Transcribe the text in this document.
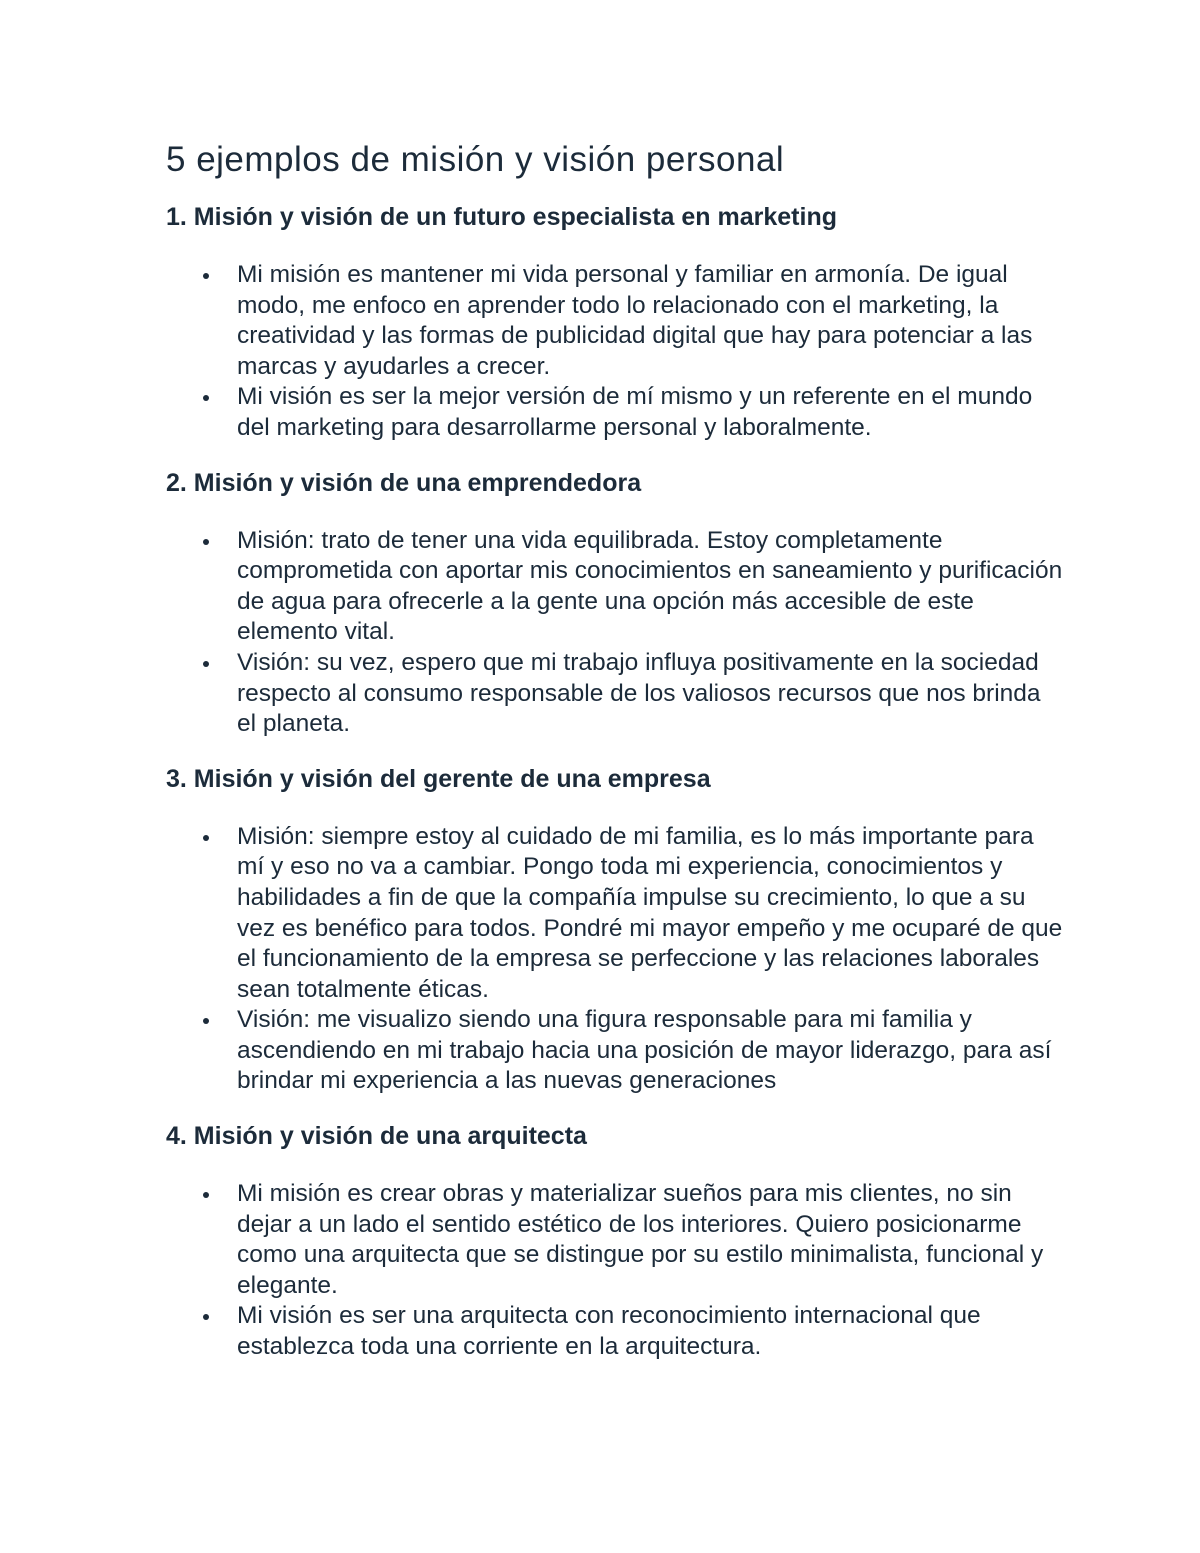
5 ejemplos de misión y visión personal
1. Misión y visión de un futuro especialista en marketing
Mi misión es mantener mi vida personal y familiar en armonía. De igual modo, me enfoco en aprender todo lo relacionado con el marketing, la creatividad y las formas de publicidad digital que hay para potenciar a las marcas y ayudarles a crecer.
Mi visión es ser la mejor versión de mí mismo y un referente en el mundo del marketing para desarrollarme personal y laboralmente.
2. Misión y visión de una emprendedora
Misión: trato de tener una vida equilibrada. Estoy completamente comprometida con aportar mis conocimientos en saneamiento y purificación de agua para ofrecerle a la gente una opción más accesible de este elemento vital.
Visión: su vez, espero que mi trabajo influya positivamente en la sociedad respecto al consumo responsable de los valiosos recursos que nos brinda el planeta.
3. Misión y visión del gerente de una empresa
Misión: siempre estoy al cuidado de mi familia, es lo más importante para mí y eso no va a cambiar. Pongo toda mi experiencia, conocimientos y habilidades a fin de que la compañía impulse su crecimiento, lo que a su vez es benéfico para todos. Pondré mi mayor empeño y me ocuparé de que el funcionamiento de la empresa se perfeccione y las relaciones laborales sean totalmente éticas.
Visión: me visualizo siendo una figura responsable para mi familia y ascendiendo en mi trabajo hacia una posición de mayor liderazgo, para así brindar mi experiencia a las nuevas generaciones
4. Misión y visión de una arquitecta
Mi misión es crear obras y materializar sueños para mis clientes, no sin dejar a un lado el sentido estético de los interiores. Quiero posicionarme como una arquitecta que se distingue por su estilo minimalista, funcional y elegante.
Mi visión es ser una arquitecta con reconocimiento internacional que establezca toda una corriente en la arquitectura.
